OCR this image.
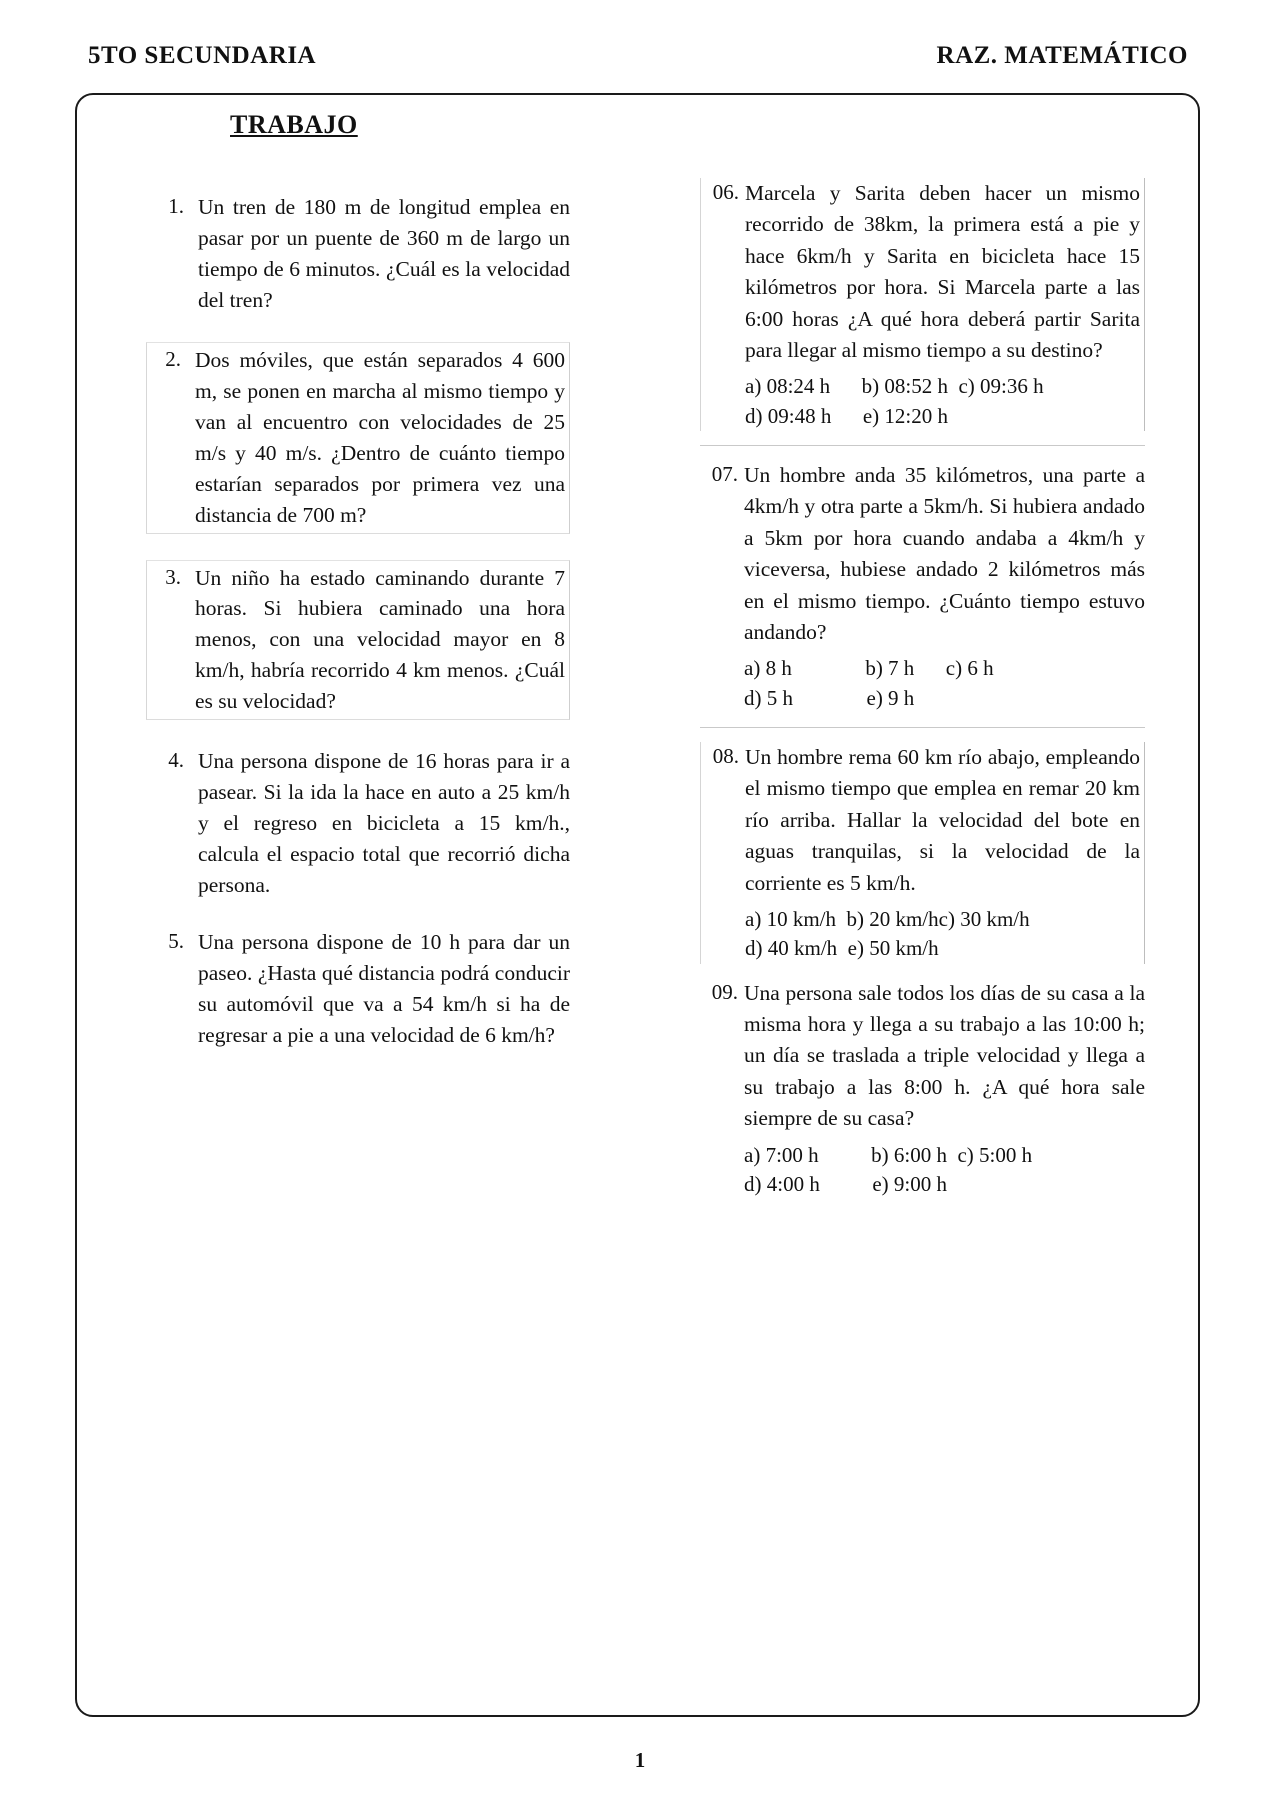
5TO SECUNDARIA	RAZ. MATEMÁTICO
TRABAJO
1. Un tren de 180 m de longitud emplea en pasar por un puente de 360 m de largo un tiempo de 6 minutos. ¿Cuál es la velocidad del tren?
2. Dos móviles, que están separados 4 600 m, se ponen en marcha al mismo tiempo y van al encuentro con velocidades de 25 m/s y 40 m/s. ¿Dentro de cuánto tiempo estarían separados por primera vez una distancia de 700 m?
3. Un niño ha estado caminando durante 7 horas. Si hubiera caminado una hora menos, con una velocidad mayor en 8 km/h, habría recorrido 4 km menos. ¿Cuál es su velocidad?
4. Una persona dispone de 16 horas para ir a pasear. Si la ida la hace en auto a 25 km/h y el regreso en bicicleta a 15 km/h., calcula el espacio total que recorrió dicha persona.
5. Una persona dispone de 10 h para dar un paseo. ¿Hasta qué distancia podrá conducir su automóvil que va a 54 km/h si ha de regresar a pie a una velocidad de 6 km/h?
06. Marcela y Sarita deben hacer un mismo recorrido de 38km, la primera está a pie y hace 6km/h y Sarita en bicicleta hace 15 kilómetros por hora. Si Marcela parte a las 6:00 horas ¿A qué hora deberá partir Sarita para llegar al mismo tiempo a su destino?
a) 08:24 h      b) 08:52 h  c) 09:36 h
d) 09:48 h      e) 12:20 h
07. Un hombre anda 35 kilómetros, una parte a 4km/h y otra parte a 5km/h. Si hubiera andado a 5km por hora cuando andaba a 4km/h y viceversa, hubiese andado 2 kilómetros más en el mismo tiempo. ¿Cuánto tiempo estuvo andando?
a) 8 h              b) 7 h      c) 6 h
d) 5 h              e) 9 h
08. Un hombre rema 60 km río abajo, empleando el mismo tiempo que emplea en remar 20 km río arriba. Hallar la velocidad del bote en aguas tranquilas, si la velocidad de la corriente es 5 km/h.
a) 10 km/h  b) 20 km/hc) 30 km/h
d) 40 km/h  e) 50 km/h
09. Una persona sale todos los días de su casa a la misma hora y llega a su trabajo a las 10:00 h; un día se traslada a triple velocidad y llega a su trabajo a las 8:00 h. ¿A qué hora sale siempre de su casa?
a) 7:00 h          b) 6:00 h  c) 5:00 h
d) 4:00 h          e) 9:00 h
1
